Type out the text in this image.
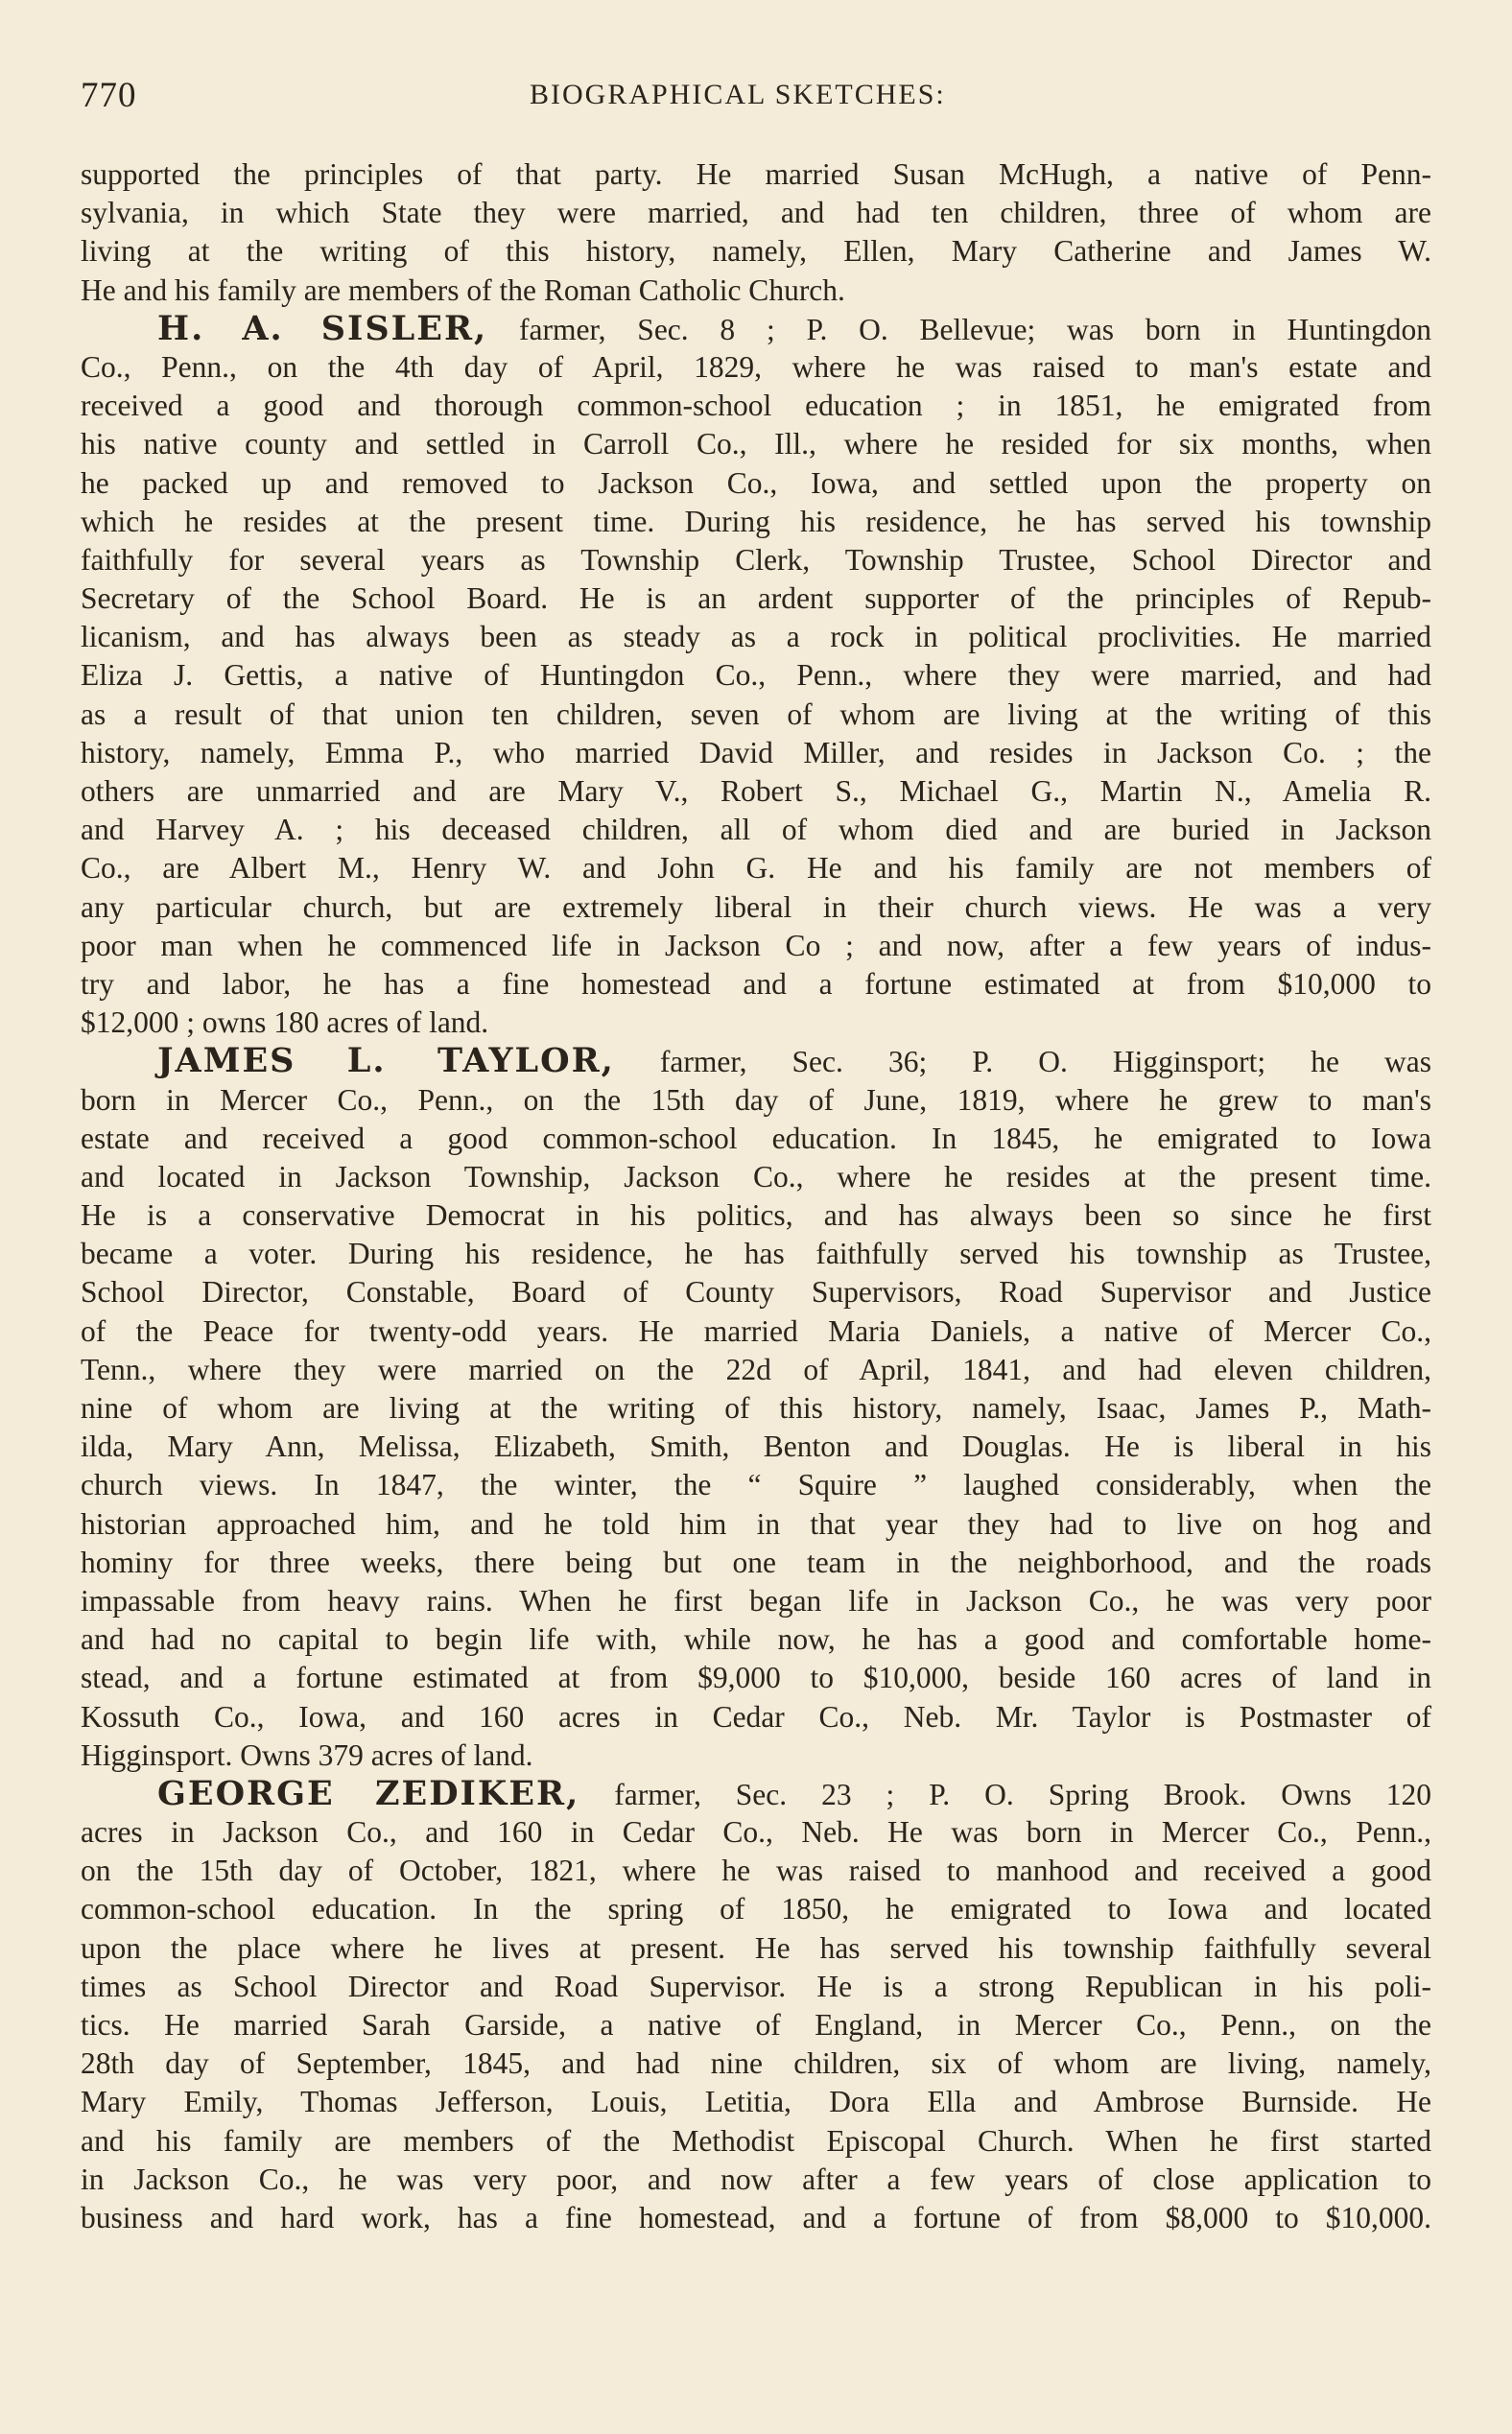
770	BIOGRAPHICAL SKETCHES:
supported the principles of that party. He married Susan McHugh, a native of Penn-
sylvania, in which State they were married, and had ten children, three of whom are
living at the writing of this history, namely, Ellen, Mary Catherine and James W.
He and his family are members of the Roman Catholic Church.
H. A. SISLER, farmer, Sec. 8 ; P. O. Bellevue; was born in Huntingdon
Co., Penn., on the 4th day of April, 1829, where he was raised to man's estate and
received a good and thorough common-school education ; in 1851, he emigrated from
his native county and settled in Carroll Co., Ill., where he resided for six months, when
he packed up and removed to Jackson Co., Iowa, and settled upon the property on
which he resides at the present time. During his residence, he has served his township
faithfully for several years as Township Clerk, Township Trustee, School Director and
Secretary of the School Board. He is an ardent supporter of the principles of Repub-
licanism, and has always been as steady as a rock in political proclivities. He married
Eliza J. Gettis, a native of Huntingdon Co., Penn., where they were married, and had
as a result of that union ten children, seven of whom are living at the writing of this
history, namely, Emma P., who married David Miller, and resides in Jackson Co. ; the
others are unmarried and are Mary V., Robert S., Michael G., Martin N., Amelia R.
and Harvey A. ; his deceased children, all of whom died and are buried in Jackson
Co., are Albert M., Henry W. and John G. He and his family are not members of
any particular church, but are extremely liberal in their church views. He was a very
poor man when he commenced life in Jackson Co ; and now, after a few years of indus-
try and labor, he has a fine homestead and a fortune estimated at from $10,000 to
$12,000 ; owns 180 acres of land.
JAMES L. TAYLOR, farmer, Sec. 36; P. O. Higginsport; he was
born in Mercer Co., Penn., on the 15th day of June, 1819, where he grew to man's
estate and received a good common-school education. In 1845, he emigrated to Iowa
and located in Jackson Township, Jackson Co., where he resides at the present time.
He is a conservative Democrat in his politics, and has always been so since he first
became a voter. During his residence, he has faithfully served his township as Trustee,
School Director, Constable, Board of County Supervisors, Road Supervisor and Justice
of the Peace for twenty-odd years. He married Maria Daniels, a native of Mercer Co.,
Tenn., where they were married on the 22d of April, 1841, and had eleven children,
nine of whom are living at the writing of this history, namely, Isaac, James P., Math-
ilda, Mary Ann, Melissa, Elizabeth, Smith, Benton and Douglas. He is liberal in his
church views. In 1847, the winter, the “ Squire ” laughed considerably, when the
historian approached him, and he told him in that year they had to live on hog and
hominy for three weeks, there being but one team in the neighborhood, and the roads
impassable from heavy rains. When he first began life in Jackson Co., he was very poor
and had no capital to begin life with, while now, he has a good and comfortable home-
stead, and a fortune estimated at from $9,000 to $10,000, beside 160 acres of land in
Kossuth Co., Iowa, and 160 acres in Cedar Co., Neb. Mr. Taylor is Postmaster of
Higginsport. Owns 379 acres of land.
GEORGE ZEDIKER, farmer, Sec. 23 ; P. O. Spring Brook. Owns 120
acres in Jackson Co., and 160 in Cedar Co., Neb. He was born in Mercer Co., Penn.,
on the 15th day of October, 1821, where he was raised to manhood and received a good
common-school education. In the spring of 1850, he emigrated to Iowa and located
upon the place where he lives at present. He has served his township faithfully several
times as School Director and Road Supervisor. He is a strong Republican in his poli-
tics. He married Sarah Garside, a native of England, in Mercer Co., Penn., on the
28th day of September, 1845, and had nine children, six of whom are living, namely,
Mary Emily, Thomas Jefferson, Louis, Letitia, Dora Ella and Ambrose Burnside. He
and his family are members of the Methodist Episcopal Church. When he first started
in Jackson Co., he was very poor, and now after a few years of close application to
business and hard work, has a fine homestead, and a fortune of from $8,000 to $10,000.
